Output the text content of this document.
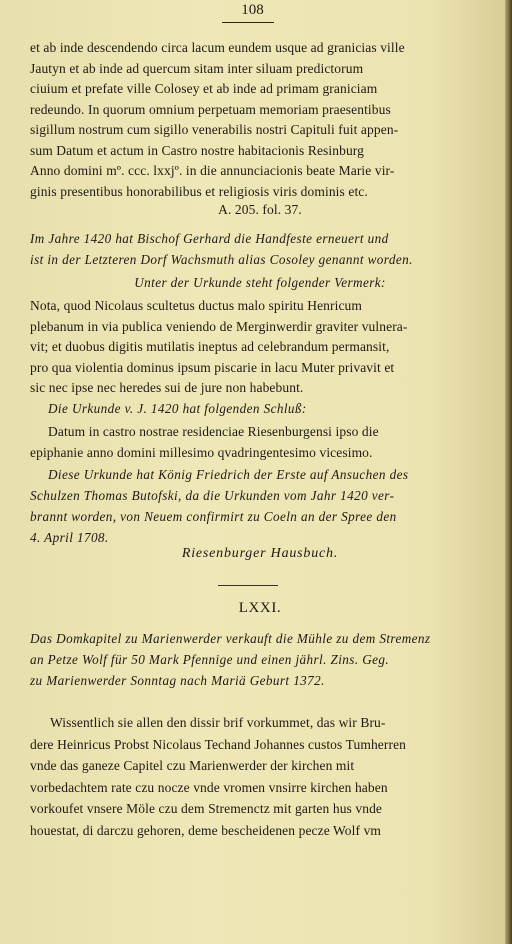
108
et ab inde descendendo circa lacum eundem usque ad granicias ville
Jautyn et ab inde ad quercum sitam inter siluam predictorum
ciuium et prefate ville Colosey et ab inde ad primam graniciam
redeundo. In quorum omnium perpetuam memoriam praesentibus
sigillum nostrum cum sigillo venerabilis nostri Capituli fuit appen-
sum Datum et actum in Castro nostre habitacionis Resinburg
Anno domini mº. ccc. lxxjº. in die annunciacionis beate Marie vir-
ginis presentibus honorabilibus et religiosis viris dominis etc.
A. 205. fol. 37.
Im Jahre 1420 hat Bischof Gerhard die Handfeste erneuert und
ist in der Letzteren Dorf Wachsmuth alias Cosoley genannt worden.
Unter der Urkunde steht folgender Vermerk:
Nota, quod Nicolaus scultetus ductus malo spiritu Henricum
plebanum in via publica veniendo de Merginwerdir graviter vulnera-
vit; et duobus digitis mutilatis ineptus ad celebrandum permansit,
pro qua violentia dominus ipsum piscarie in lacu Muter privavit et
sic nec ipse nec heredes sui de jure non habebunt.
Die Urkunde v. J. 1420 hat folgenden Schluß:
Datum in castro nostrae residenciae Riesenburgensi ipso die
epiphanie anno domini millesimo qvadringentesimo vicesimo.
Diese Urkunde hat König Friedrich der Erste auf Ansuchen des
Schulzen Thomas Butofski, da die Urkunden vom Jahr 1420 ver-
brannt worden, von Neuem confirmirt zu Coeln an der Spree den
4. April 1708.
Riesenburger Hausbuch.
LXXI.
Das Domkapitel zu Marienwerder verkauft die Mühle zu dem Stremenz
an Petze Wolf für 50 Mark Pfennige und einen jährl. Zins. Geg.
zu Marienwerder Sonntag nach Mariä Geburt 1372.
Wissentlich sie allen den dissir brif vorkummet, das wir Bru-
dere Heinricus Probst Nicolaus Techand Johannes custos Tumherren
vnde das ganeze Capitel czu Marienwerder der kirchen mit
vorbedachtem rate czu nocze vnde vromen vnsirre kirchen haben
vorkoufet vnsere Möle czu dem Stremenctz mit garten hus vnde
houestat, di darczu gehoren, deme bescheidenen pecze Wolf vm
